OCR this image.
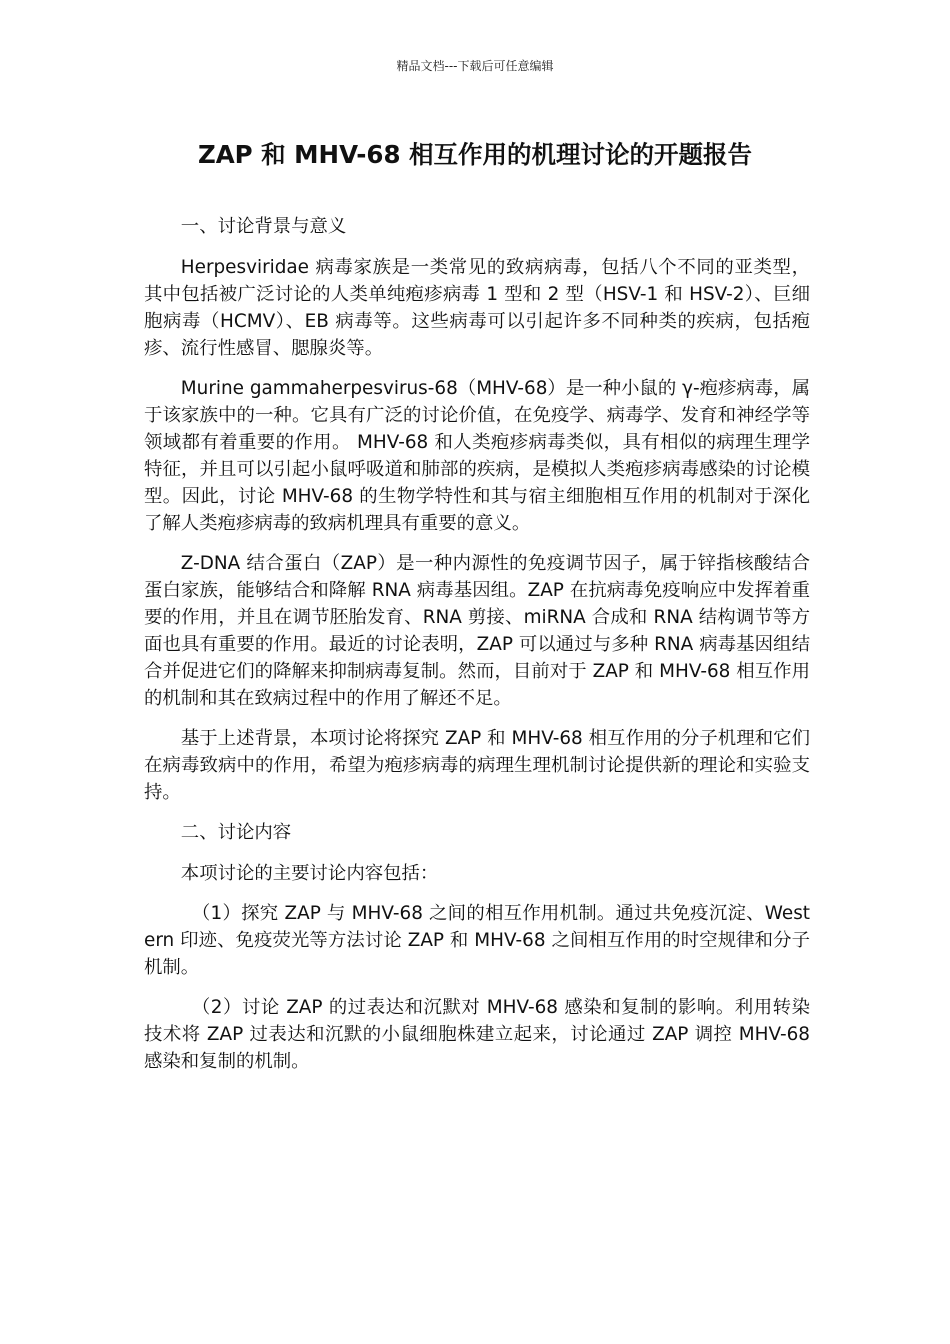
精品文档---下载后可任意编辑
ZAP 和 MHV-68 相互作用的机理讨论的开题报告

一、讨论背景与意义

Herpesviridae 病毒家族是一类常见的致病病毒，包括八个不同的亚类型，其中包括被广泛讨论的人类单纯疱疹病毒 1 型和 2 型（HSV-1 和 HSV-2）、巨细胞病毒（HCMV）、EB 病毒等。这些病毒可以引起许多不同种类的疾病，包括疱疹、流行性感冒、腮腺炎等。

Murine gammaherpesvirus-68（MHV-68）是一种小鼠的 γ-疱疹病毒，属于该家族中的一种。它具有广泛的讨论价值，在免疫学、病毒学、发育和神经学等领域都有着重要的作用。 MHV-68 和人类疱疹病毒类似，具有相似的病理生理学特征，并且可以引起小鼠呼吸道和肺部的疾病，是模拟人类疱疹病毒感染的讨论模型。因此，讨论 MHV-68 的生物学特性和其与宿主细胞相互作用的机制对于深化了解人类疱疹病毒的致病机理具有重要的意义。

Z-DNA 结合蛋白（ZAP）是一种内源性的免疫调节因子，属于锌指核酸结合蛋白家族，能够结合和降解 RNA 病毒基因组。ZAP 在抗病毒免疫响应中发挥着重要的作用，并且在调节胚胎发育、RNA 剪接、miRNA 合成和 RNA 结构调节等方面也具有重要的作用。最近的讨论表明，ZAP 可以通过与多种 RNA 病毒基因组结合并促进它们的降解来抑制病毒复制。然而，目前对于 ZAP 和 MHV-68 相互作用的机制和其在致病过程中的作用了解还不足。

基于上述背景，本项讨论将探究 ZAP 和 MHV-68 相互作用的分子机理和它们在病毒致病中的作用，希望为疱疹病毒的病理生理机制讨论提供新的理论和实验支持。

二、讨论内容

本项讨论的主要讨论内容包括：

（1）探究 ZAP 与 MHV-68 之间的相互作用机制。通过共免疫沉淀、Western 印迹、免疫荧光等方法讨论 ZAP 和 MHV-68 之间相互作用的时空规律和分子机制。

（2）讨论 ZAP 的过表达和沉默对 MHV-68 感染和复制的影响。利用转染技术将 ZAP 过表达和沉默的小鼠细胞株建立起来，讨论通过 ZAP 调控 MHV-68 感染和复制的机制。
